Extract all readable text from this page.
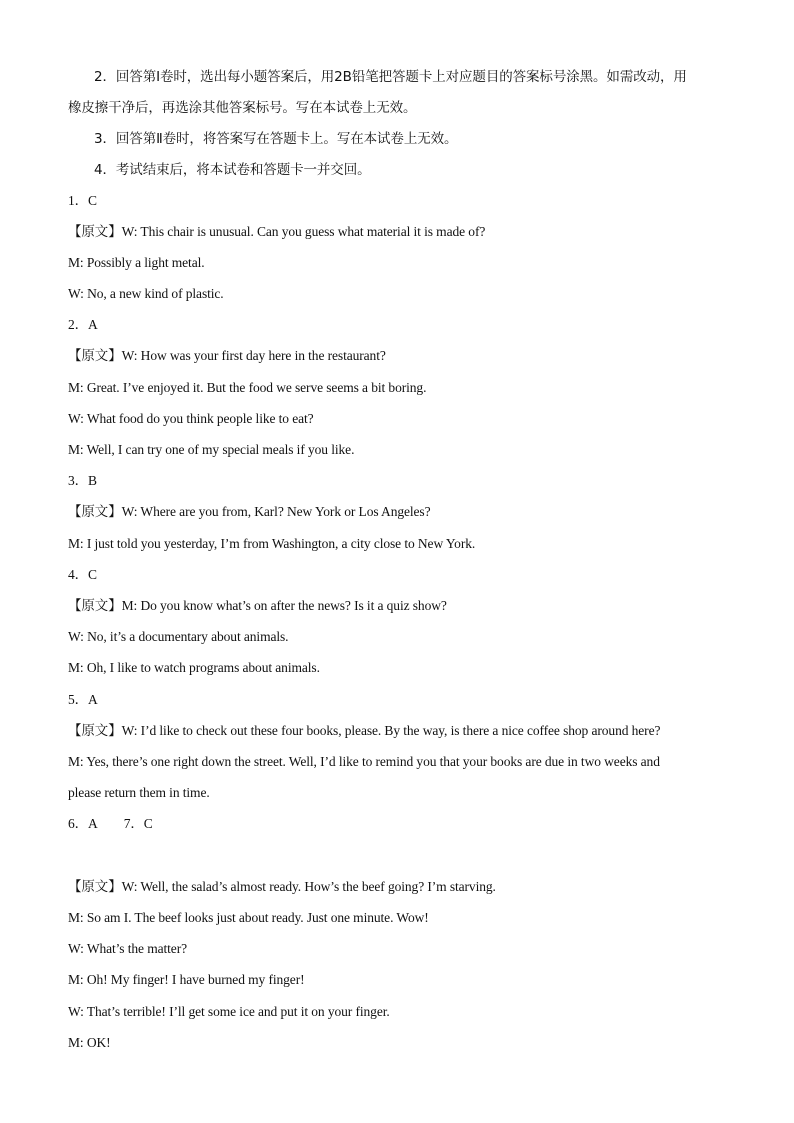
2．回答第Ⅰ卷时，选出每小题答案后，用2B铅笔把答题卡上对应题目的答案标号涂黑。如需改动，用
橡皮擦干净后，再选涂其他答案标号。写在本试卷上无效。
3．回答第Ⅱ卷时，将答案写在答题卡上。写在本试卷上无效。
4．考试结束后，将本试卷和答题卡一并交回。
1．C
【原文】W: This chair is unusual. Can you guess what material it is made of?
M: Possibly a light metal.
W: No, a new kind of plastic.
2．A
【原文】W: How was your first day here in the restaurant?
M: Great. I’ve enjoyed it. But the food we serve seems a bit boring.
W: What food do you think people like to eat?
M: Well, I can try one of my special meals if you like.
3．B
【原文】W: Where are you from, Karl? New York or Los Angeles?
M: I just told you yesterday, I’m from Washington, a city close to New York.
4．C
【原文】M: Do you know what’s on after the news? Is it a quiz show?
W: No, it’s a documentary about animals.
M: Oh, I like to watch programs about animals.
5．A
【原文】W: I’d like to check out these four books, please. By the way, is there a nice coffee shop around here?
M: Yes, there’s one right down the street. Well, I’d like to remind you that your books are due in two weeks and
please return them in time.
6．A 7．C
【原文】W: Well, the salad’s almost ready. How’s the beef going? I’m starving.
M: So am I. The beef looks just about ready. Just one minute. Wow!
W: What’s the matter?
M: Oh! My finger! I have burned my finger!
W: That’s terrible! I’ll get some ice and put it on your finger.
M: OK!
